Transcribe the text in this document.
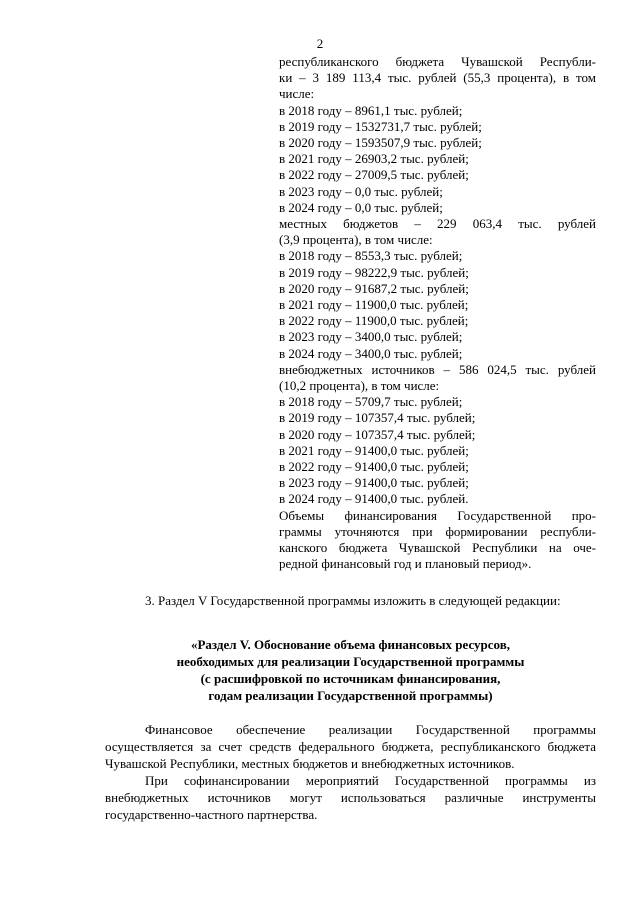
2
республиканского бюджета Чувашской Республи-
ки – 3 189 113,4 тыс. рублей (55,3 процента), в том
числе:
в 2018 году – 8961,1 тыс. рублей;
в 2019 году – 1532731,7 тыс. рублей;
в 2020 году – 1593507,9 тыс. рублей;
в 2021 году – 26903,2 тыс. рублей;
в 2022 году – 27009,5 тыс. рублей;
в 2023 году – 0,0 тыс. рублей;
в 2024 году – 0,0 тыс. рублей;
местных бюджетов – 229 063,4 тыс. рублей
(3,9 процента), в том числе:
в 2018 году – 8553,3 тыс. рублей;
в 2019 году – 98222,9 тыс. рублей;
в 2020 году – 91687,2 тыс. рублей;
в 2021 году – 11900,0 тыс. рублей;
в 2022 году – 11900,0 тыс. рублей;
в 2023 году – 3400,0 тыс. рублей;
в 2024 году – 3400,0 тыс. рублей;
внебюджетных источников – 586 024,5 тыс. рублей
(10,2 процента), в том числе:
в 2018 году – 5709,7 тыс. рублей;
в 2019 году – 107357,4 тыс. рублей;
в 2020 году – 107357,4 тыс. рублей;
в 2021 году – 91400,0 тыс. рублей;
в 2022 году – 91400,0 тыс. рублей;
в 2023 году – 91400,0 тыс. рублей;
в 2024 году – 91400,0 тыс. рублей.
Объемы финансирования Государственной про-
граммы уточняются при формировании республи-
канского бюджета Чувашской Республики на оче-
редной финансовый год и плановый период».
3. Раздел V Государственной программы изложить в следующей редакции:
«Раздел V. Обоснование объема финансовых ресурсов,
необходимых для реализации Государственной программы
(с расшифровкой по источникам финансирования,
годам реализации Государственной программы)
Финансовое обеспечение реализации Государственной программы осуществляется за счет средств федерального бюджета, республиканского бюджета Чувашской Республики, местных бюджетов и внебюджетных источников.
При софинансировании мероприятий Государственной программы из внебюджетных источников могут использоваться различные инструменты государственно-частного партнерства.
